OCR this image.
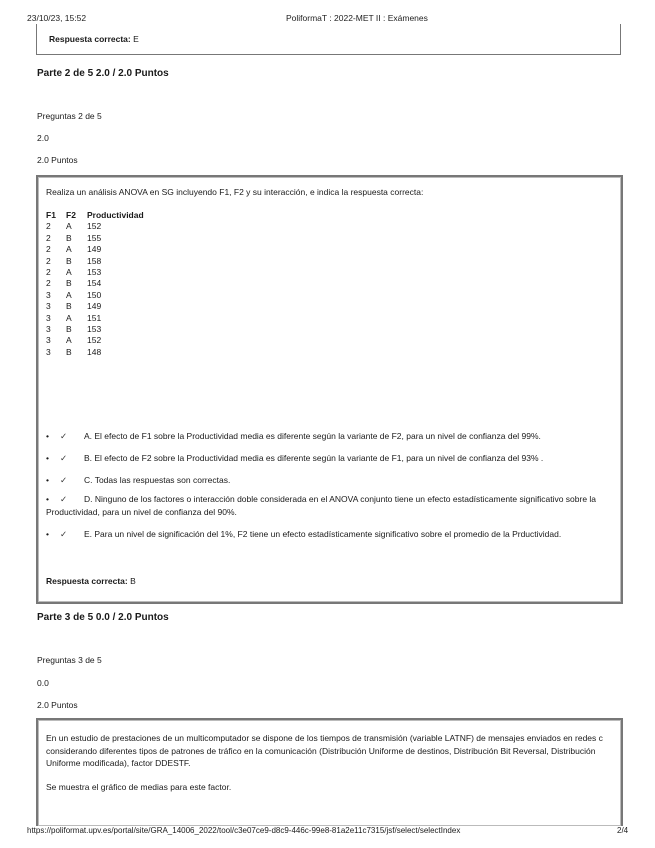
23/10/23, 15:52	PoliformaT : 2022-MET II : Exámenes
Respuesta correcta: E
Parte 2 de 5 2.0 / 2.0 Puntos
Preguntas 2 de 5
2.0
2.0 Puntos
Realiza un análisis ANOVA en SG incluyendo F1, F2 y su interacción, e indica la respuesta correcta:
F1	F2	Productividad
2	A	152
2	B	155
2	A	149
2	B	158
2	A	153
2	B	154
3	A	150
3	B	149
3	A	151
3	B	153
3	A	152
3	B	148
• ✓ A. El efecto de F1 sobre la Productividad media es diferente según la variante de F2, para un nivel de confianza del 99%.
• ✓ B. El efecto de F2 sobre la Productividad media es diferente según la variante de F1, para un nivel de confianza del 93% .
• ✓ C. Todas las respuestas son correctas.
• ✓ D. Ninguno de los factores o interacción doble considerada en el ANOVA conjunto tiene un efecto estadísticamente significativo sobre la Productividad, para un nivel de confianza del 90%.
• ✓ E. Para un nivel de significación del 1%, F2 tiene un efecto estadísticamente significativo sobre el promedio de la Prductividad.
Respuesta correcta: B
Parte 3 de 5 0.0 / 2.0 Puntos
Preguntas 3 de 5
0.0
2.0 Puntos
En un estudio de prestaciones de un multicomputador se dispone de los tiempos de transmisión (variable LATNF) de mensajes enviados en redes c considerando diferentes tipos de patrones de tráfico en la comunicación (Distribución Uniforme de destinos, Distribución Bit Reversal, Distribución Uniforme modificada), factor DDESTF.
Se muestra el gráfico de medias para este factor.
https://poliformat.upv.es/portal/site/GRA_14006_2022/tool/c3e07ce9-d8c9-446c-99e8-81a2e11c7315/jsf/select/selectIndex	2/4
